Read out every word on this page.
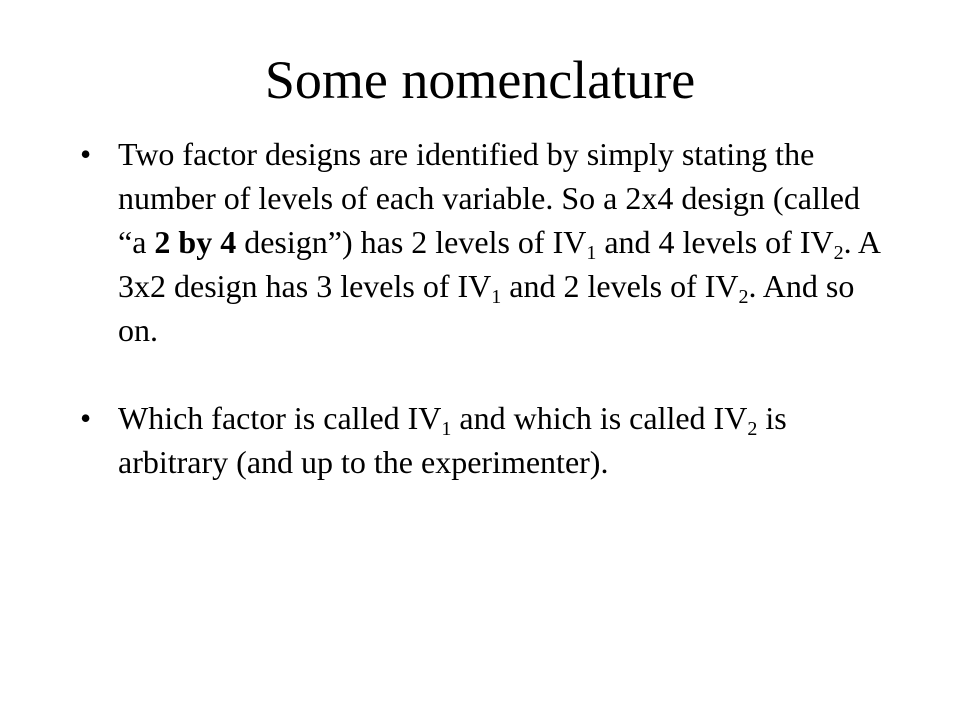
Some nomenclature
• Two factor designs are identified by simply stating the number of levels of each variable. So a 2x4 design (called “a 2 by 4 design”) has 2 levels of $IV_1$ and 4 levels of $IV_2$. A 3x2 design has 3 levels of $IV_1$ and 2 levels of $IV_2$. And so on.
• Which factor is called $IV_1$ and which is called $IV_2$ is arbitrary (and up to the experimenter).
